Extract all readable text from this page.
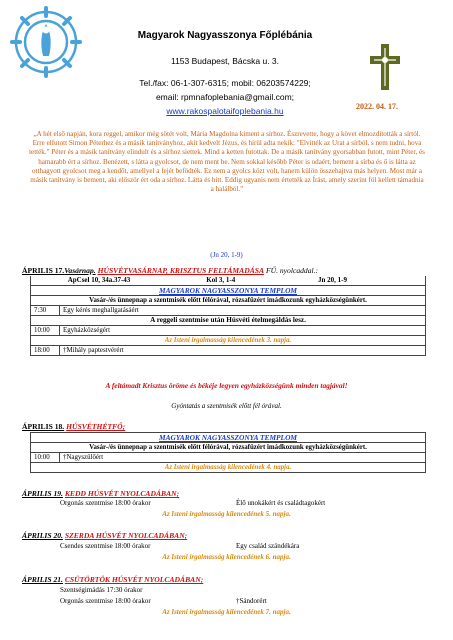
Magyarok Nagyasszonya Főplébánia
1153 Budapest, Bácska u. 3.
Tel./fax: 06-1-307-6315; mobil: 06203574229;
email: rpmnafoplebania@gmail.com;
www.rakospalotaifoplebania.hu	2022. 04. 17.
„A hét első napján, kora reggel, amikor még sötét volt, Mária Magdolna kiment a sírhoz. Észrevette, hogy a követ elmozdították a sírtól. Erre elfutott Simon Péterhez és a másik tanítványhoz, akit kedvelt Jézus, és hírül adta nekik: "Elvitték az Urat a sírból, s nem tudni, hova tették." Péter és a másik tanítvány elindult és a sírhoz siettek. Mind a ketten futottak. De a másik tanítvány gyorsabban futott, mint Péter, és hamarabb ért a sírhoz. Benézett, s látta a gyolcsot, de nem ment be. Nem sokkal később Péter is odaért, bement a sírba és ő is látta az otthagyott gyolcsot meg a kendőt, amellyel a fejét befödték. Ez nem a gyolcs közt volt, hanem külön összehajtva más helyen. Most már a másik tanítvány is bement, aki először ért oda a sírhoz. Látta és hitt. Eddig ugyanis nem értették az Írást, amely szerint föl kellett támadnia a halálból.”
(Jn 20, 1-9)
ÁPRILIS 17.Vasárnap. HÚSVÉTVASÁRNAP, KRISZTUS FELTÁMADÁSA FŰ. nyolcaddal.:
ApCsel 10, 34a.37-43 Kol 3, 1-4 Jn 20, 1-9	
MAGYAROK NAGYASSZONYA TEMPLOM	
Vasár-/és ünnepnap a szentmisék előtt félórával, rózsafüzért imádkozunk egyházközségünkért.	
7:30	Egy kérés meghallgatásáért
A reggeli szentmise után Húsvéti ételmegáldás lesz.	
10:00	Egyházközségért
Az Isteni irgalmasság kilencedének 3. napja.	
18:00	†Mihály paptestvérért
A feltámadt Krisztus öröme és békéje legyen egyházközségünk minden tagjával!
Gyóntatás a szentmisék előtt fél órával.
ÁPRILIS 18. HÚSVÉTHÉTFŐ;
MAGYAROK NAGYASSZONYA TEMPLOM
Vasár-/és ünnepnap a szentmisék előtt félórával, rózsafüzért imádkozunk egyházközségünkért.
10:00	†Nagyszülőért
Az Isteni irgalmasság kilencedének 4. napja.
ÁPRILIS 19. KEDD HÚSVÉT NYOLCADÁBAN;
Orgonás szentmise 18:00 órakor	Élő unokákért és családtagokért
Az Isteni irgalmasság kilencedének 5. napja.
ÁPRILIS 20. SZERDA HÚSVÉT NYOLCADÁBAN;
Csendes szentmise 18:00 órakor	Egy család szándékára
Az Isteni irgalmasság kilencedének 6. napja.
ÁPRILIS 21. CSÜTÖRTÖK HÚSVÉT NYOLCADÁBAN;
Szentségimádás 17:30 órakor
Orgonás szentmise 18:00 órakor	†Sándorért
Az Isteni irgalmasság kilencedének 7. napja.
